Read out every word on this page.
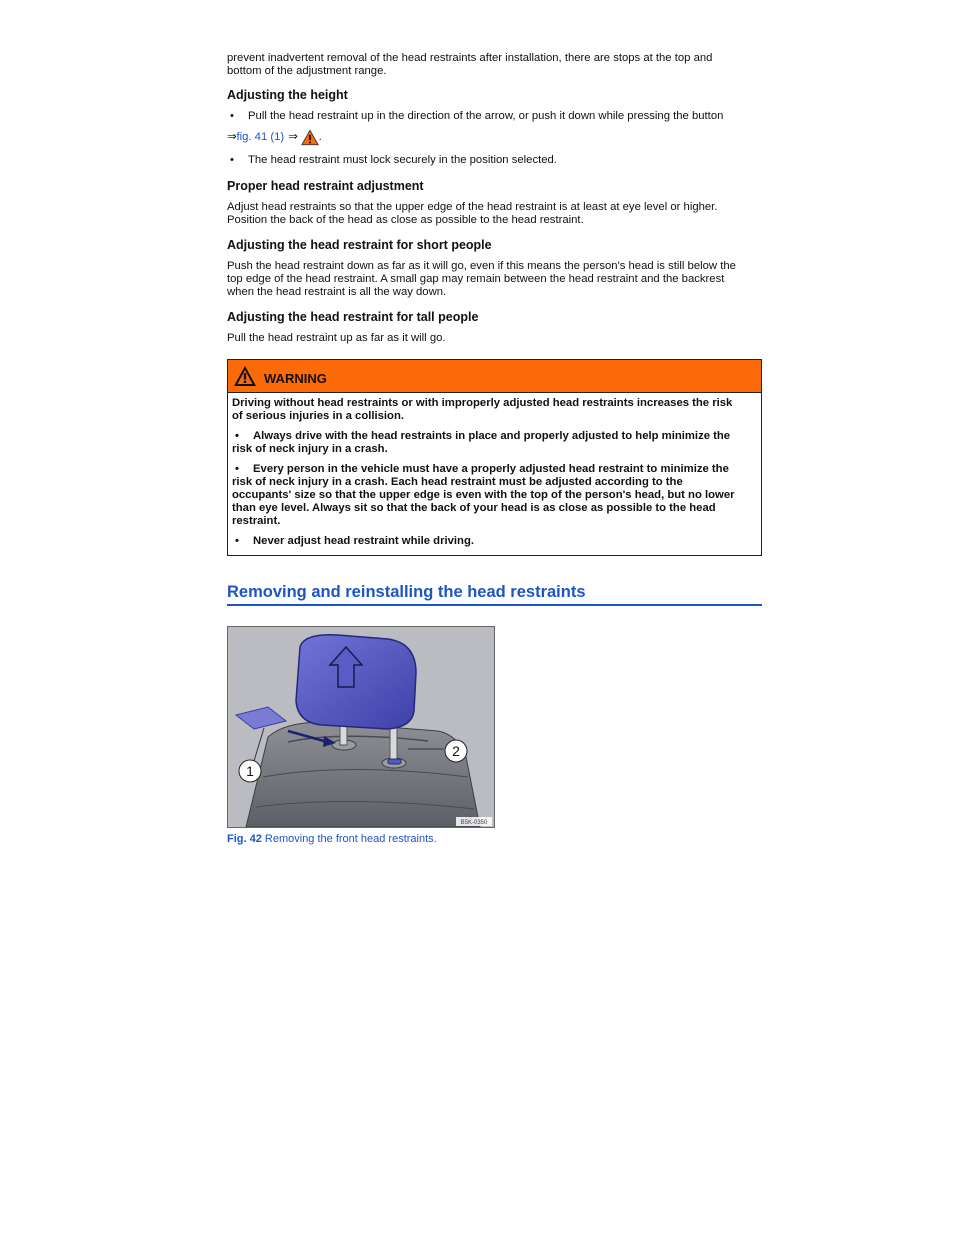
prevent inadvertent removal of the head restraints after installation, there are stops at the top and

bottom of the adjustment range.

Adjusting the height
• Pull the head restraint up in the direction of the arrow, or push it down while pressing the button
⇒ fig. 41 (1) ⇒ .
• The head restraint must lock securely in the position selected.
Proper head restraint adjustment

Adjust head restraints so that the upper edge of the head restraint is at least at eye level or higher.

Position the back of the head as close as possible to the head restraint.

Adjusting the head restraint for short people

Push the head restraint down as far as it will go, even if this means the person's head is still below the

top edge of the head restraint. A small gap may remain between the head restraint and the backrest

when the head restraint is all the way down.

Adjusting the head restraint for tall people

Pull the head restraint up as far as it will go.

WARNING

Driving without head restraints or with improperly adjusted head restraints increases the risk
of serious injuries in a collision.

• Always drive with the head restraints in place and properly adjusted to help minimize the

risk of neck injury in a crash.

• Every person in the vehicle must have a properly adjusted head restraint to minimize the

risk of neck injury in a crash. Each head restraint must be adjusted according to the
occupants' size so that the upper edge is even with the top of the person's head, but no lower
than eye level. Always sit so that the back of your head is as close as possible to the head
restraint.

• Never adjust head restraint while driving.
Removing and reinstalling the head restraints
1
2
B5K-0350
Fig. 42 Removing the front head restraints.
